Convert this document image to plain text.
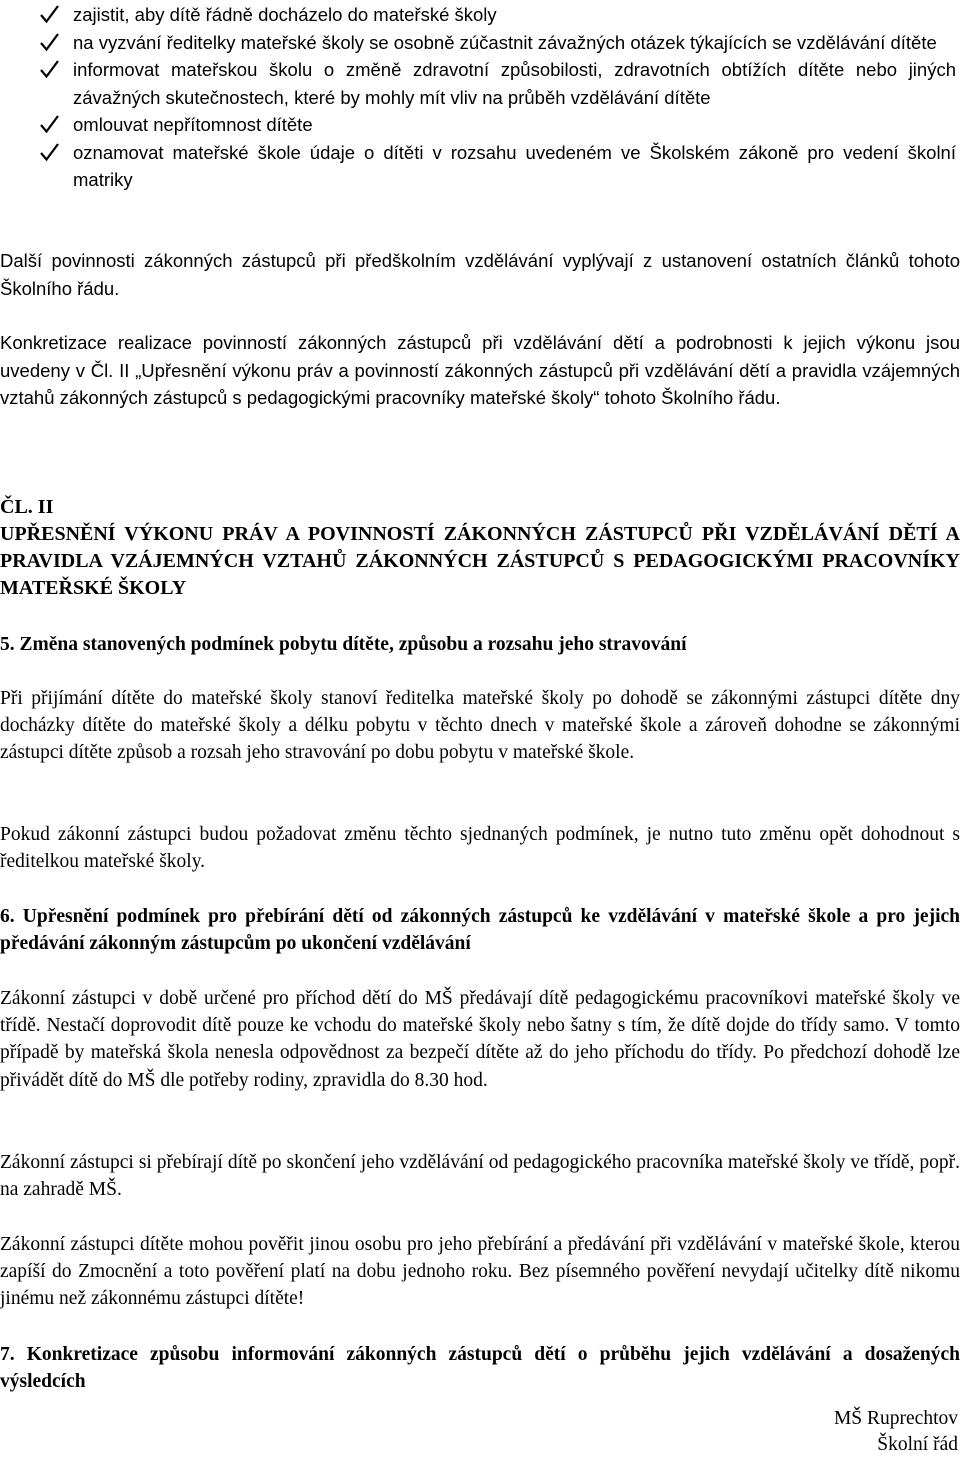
zajistit, aby dítě řádně docházelo do mateřské školy
na vyzvání ředitelky mateřské školy se osobně zúčastnit závažných otázek týkajících se vzdělávání dítěte
informovat mateřskou školu o změně zdravotní způsobilosti, zdravotních obtížích dítěte nebo jiných závažných skutečnostech, které by mohly mít vliv na průběh vzdělávání dítěte
omlouvat nepřítomnost dítěte
oznamovat mateřské škole údaje o dítěti v rozsahu uvedeném ve Školském zákoně pro vedení školní matriky

Další povinnosti zákonných zástupců při předškolním vzdělávání vyplývají z ustanovení ostatních článků tohoto Školního řádu.

Konkretizace realizace povinností zákonných zástupců při vzdělávání dětí a podrobnosti k jejich výkonu jsou uvedeny v Čl. II „Upřesnění výkonu práv a povinností zákonných zástupců při vzdělávání dětí a pravidla vzájemných vztahů zákonných zástupců s pedagogickými pracovníky mateřské školy“ tohoto Školního řádu.

ČL. II

UPŘESNĚNÍ VÝKONU PRÁV A POVINNOSTÍ ZÁKONNÝCH ZÁSTUPCŮ PŘI VZDĚLÁVÁNÍ DĚTÍ A PRAVIDLA VZÁJEMNÝCH VZTAHŮ ZÁKONNÝCH ZÁSTUPCŮ S PEDAGOGICKÝMI PRACOVNÍKY MATEŘSKÉ ŠKOLY

5. Změna stanovených podmínek pobytu dítěte, způsobu a rozsahu jeho stravování

Při přijímání dítěte do mateřské školy stanoví ředitelka mateřské školy po dohodě se zákonnými zástupci dítěte dny docházky dítěte do mateřské školy a délku pobytu v těchto dnech v mateřské škole a zároveň dohodne se zákonnými zástupci dítěte způsob a rozsah jeho stravování po dobu pobytu v mateřské škole.

Pokud zákonní zástupci budou požadovat změnu těchto sjednaných podmínek, je nutno tuto změnu opět dohodnout s ředitelkou mateřské školy.

6. Upřesnění podmínek pro přebírání dětí od zákonných zástupců ke vzdělávání v mateřské škole a pro jejich předávání zákonným zástupcům po ukončení vzdělávání

Zákonní zástupci v době určené pro příchod dětí do MŠ předávají dítě pedagogickému pracovníkovi mateřské školy ve třídě. Nestačí doprovodit dítě pouze ke vchodu do mateřské školy nebo šatny s tím, že dítě dojde do třídy samo. V tomto případě by mateřská škola nenesla odpovědnost za bezpečí dítěte až do jeho příchodu do třídy. Po předchozí dohodě lze přivádět dítě do MŠ dle potřeby rodiny, zpravidla do 8.30 hod.

Zákonní zástupci si přebírají dítě po skončení jeho vzdělávání od pedagogického pracovníka mateřské školy ve třídě, popř. na zahradě MŠ.

Zákonní zástupci dítěte mohou pověřit jinou osobu pro jeho přebírání a předávání při vzdělávání v mateřské škole, kterou zapíší do Zmocnění a toto pověření platí na dobu jednoho roku. Bez písemného pověření nevydají učitelky dítě nikomu jinému než zákonnému zástupci dítěte!

7. Konkretizace způsobu informování zákonných zástupců dětí o průběhu jejich vzdělávání a dosažených výsledcích

MŠ Ruprechtov

Školní řád
